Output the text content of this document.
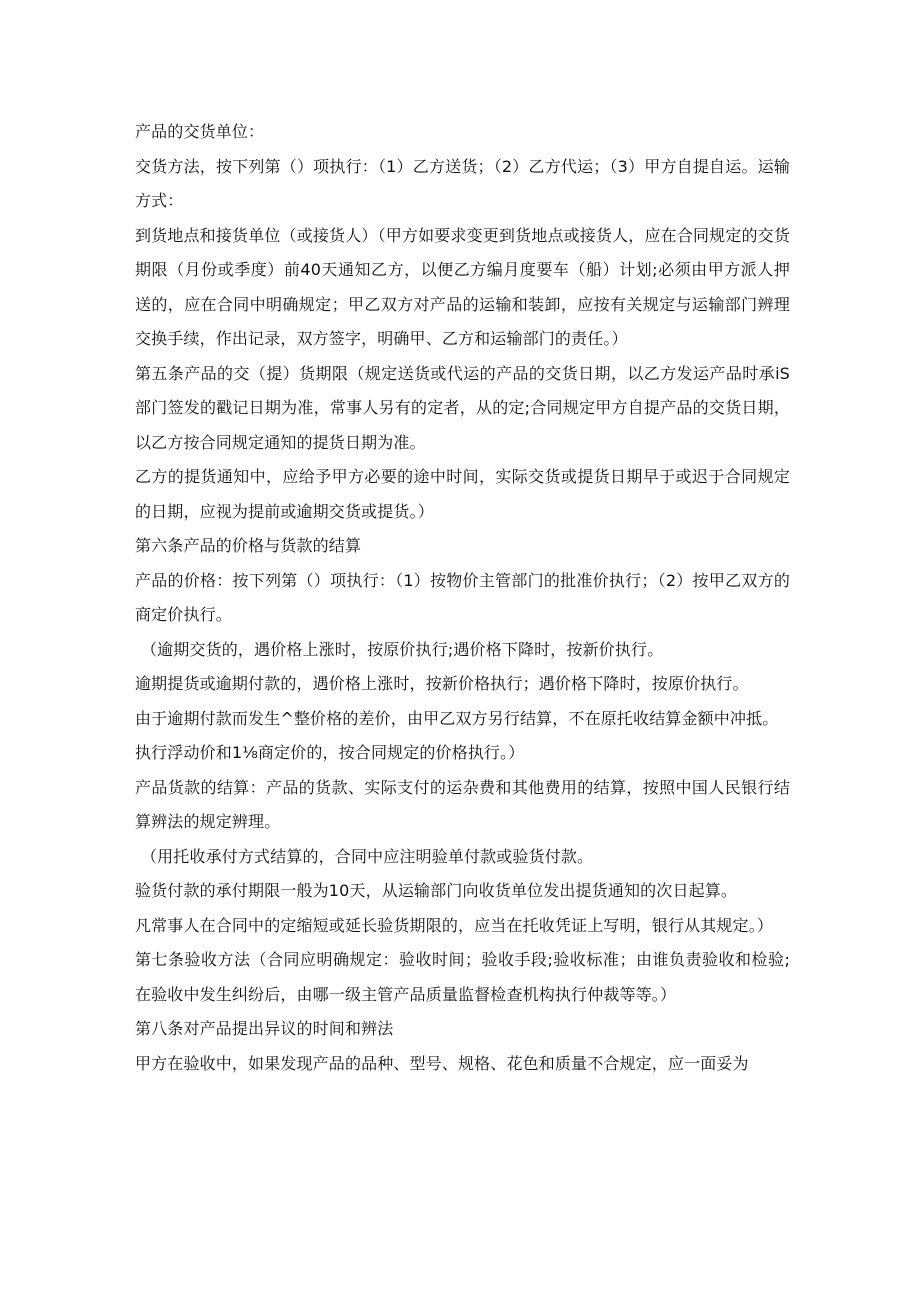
产品的交货单位：

交货方法，按下列第（）项执行：（1）乙方送货；（2）乙方代运；（3）甲方自提自运。运输方式：

到货地点和接货单位（或接货人）（甲方如要求变更到货地点或接货人，应在合同规定的交货期限（月份或季度）前40天通知乙方，以便乙方编月度要车（船）计划;必须由甲方派人押送的，应在合同中明确规定；甲乙双方对产品的运输和装卸，应按有关规定与运输部门辨理交换手续，作出记录，双方签字，明确甲、乙方和运输部门的责任。）

第五条产品的交（提）货期限（规定送货或代运的产品的交货日期，以乙方发运产品时承iS部门签发的戳记日期为准，常事人另有的定者，从的定;合同规定甲方自提产品的交货日期，以乙方按合同规定通知的提货日期为准。

乙方的提货通知中，应给予甲方必要的途中时间，实际交货或提货日期早于或迟于合同规定的日期，应视为提前或逾期交货或提货。）

第六条产品的价格与货款的结算

产品的价格：按下列第（）项执行：（1）按物价主管部门的批准价执行；（2）按甲乙双方的商定价执行。

（逾期交货的，遇价格上涨时，按原价执行;遇价格下降时，按新价执行。

逾期提货或逾期付款的，遇价格上涨时，按新价格执行；遇价格下降时，按原价执行。

由于逾期付款而发生^整价格的差价，由甲乙双方另行结算，不在原托收结算金额中冲抵。

执行浮动价和1⅛商定价的，按合同规定的价格执行。）

产品货款的结算：产品的货款、实际支付的运杂费和其他费用的结算，按照中国人民银行结算辨法的规定辨理。

（用托收承付方式结算的，合同中应注明验单付款或验货付款。

验货付款的承付期限一般为10天，从运输部门向收货单位发出提货通知的次日起算。

凡常事人在合同中的定缩短或延长验货期限的，应当在托收凭证上写明，银行从其规定。）

第七条验收方法（合同应明确规定：验收时间；验收手段;验收标准；由谁负责验收和检验;在验收中发生纠纷后，由哪一级主管产品质量监督检查机构执行仲裁等等。）

第八条对产品提出异议的时间和辨法

甲方在验收中，如果发现产品的品种、型号、规格、花色和质量不合规定，应一面妥为
